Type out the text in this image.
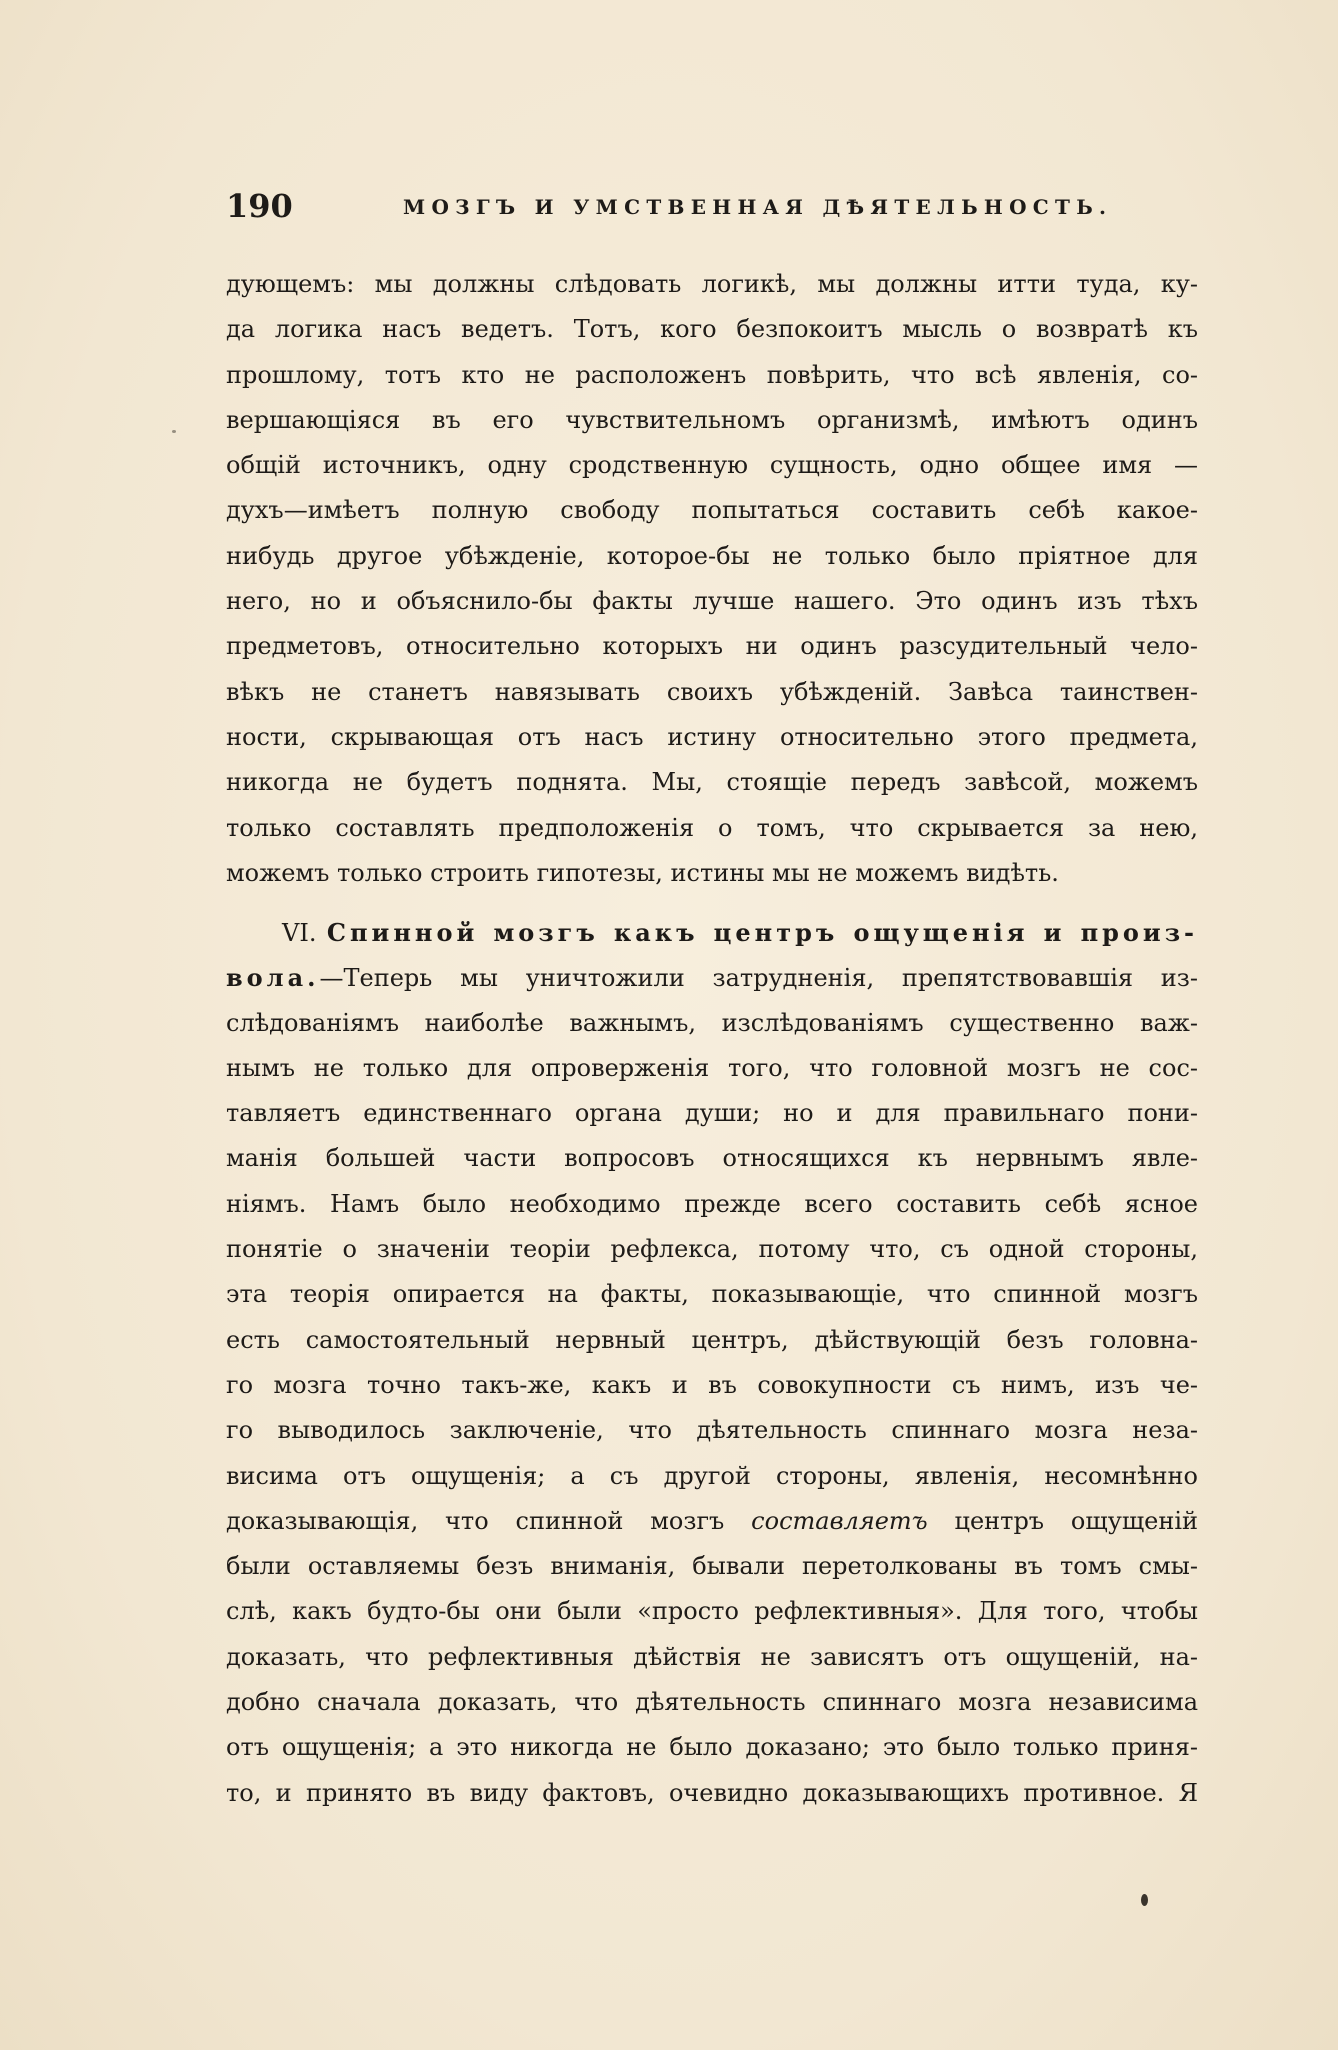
190	МОЗГЪ И УМСТВЕННАЯ ДѢЯТЕЛЬНОСТЬ.
дующемъ: мы должны слѣдовать логикѣ, мы должны итти туда, ку-
да логика насъ ведетъ. Тотъ, кого безпокоитъ мысль о возвратѣ къ
прошлому, тотъ кто не расположенъ повѣрить, что всѣ явленія, со-
вершающіяся въ его чувствительномъ организмѣ, имѣютъ одинъ
общій источникъ, одну сродственную сущность, одно общее имя —
духъ—имѣетъ полную свободу попытаться составить себѣ какое-
нибудь другое убѣжденіе, которое-бы не только было пріятное для
него, но и объяснило-бы факты лучше нашего. Это одинъ изъ тѣхъ
предметовъ, относительно которыхъ ни одинъ разсудительный чело-
вѣкъ не станетъ навязывать своихъ убѣжденій. Завѣса таинствен-
ности, скрывающая отъ насъ истину относительно этого предмета,
никогда не будетъ поднята. Мы, стоящіе передъ завѣсой, можемъ
только составлять предположенія о томъ, что скрывается за нею,
можемъ только строить гипотезы, истины мы не можемъ видѣть.
VI. Спинной мозгъ какъ центръ ощущенія и произ-
вола.—Теперь мы уничтожили затрудненія, препятствовавшія из-
слѣдованіямъ наиболѣе важнымъ, изслѣдованіямъ существенно важ-
нымъ не только для опроверженія того, что головной мозгъ не сос-
тавляетъ единственнаго органа души; но и для правильнаго пони-
манія большей части вопросовъ относящихся къ нервнымъ явле-
ніямъ. Намъ было необходимо прежде всего составить себѣ ясное
понятіе о значеніи теоріи рефлекса, потому что, съ одной стороны,
эта теорія опирается на факты, показывающіе, что спинной мозгъ
есть самостоятельный нервный центръ, дѣйствующій безъ головна-
го мозга точно такъ-же, какъ и въ совокупности съ нимъ, изъ че-
го выводилось заключеніе, что дѣятельность спиннаго мозга неза-
висима отъ ощущенія; а съ другой стороны, явленія, несомнѣнно
доказывающія, что спинной мозгъ составляетъ центръ ощущеній
были оставляемы безъ вниманія, бывали перетолкованы въ томъ смы-
слѣ, какъ будто-бы они были «просто рефлективныя». Для того, чтобы
доказать, что рефлективныя дѣйствія не зависятъ отъ ощущеній, на-
добно сначала доказать, что дѣятельность спиннаго мозга независима
отъ ощущенія; а это никогда не было доказано; это было только приня-
то, и принято въ виду фактовъ, очевидно доказывающихъ противное. Я
